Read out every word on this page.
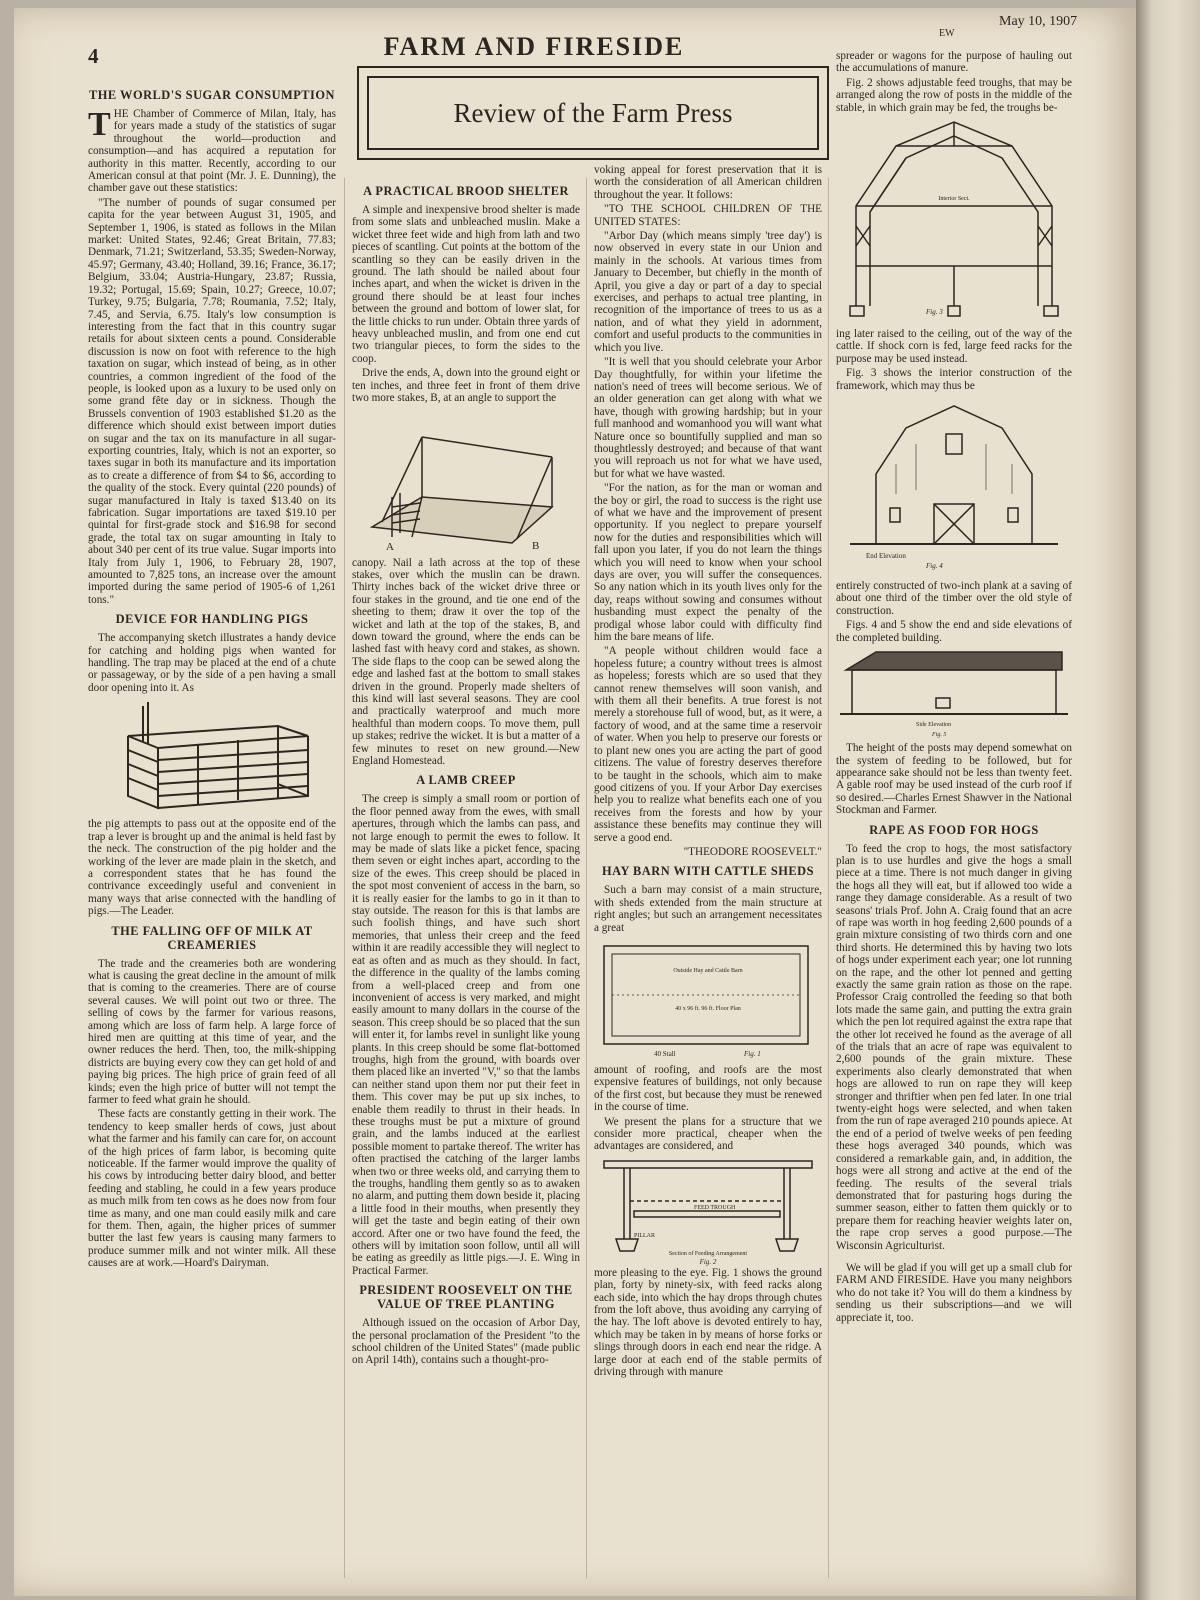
4	FARM AND FIRESIDE	EW
May 10, 1907
Review of the Farm Press
THE WORLD'S SUGAR CONSUMPTION

T HE Chamber of Commerce of Milan, Italy, has for years made a study of the statistics of sugar throughout the world—production and consumption—and has acquired a reputation for authority in this matter. Recently, according to our American consul at that point (Mr. J. E. Dunning), the chamber gave out these statistics:

"The number of pounds of sugar consumed per capita for the year between August 31, 1905, and September 1, 1906, is stated as follows in the Milan market: United States, 92.46; Great Britain, 77.83; Denmark, 71.21; Switzerland, 53.35; Sweden-Norway, 45.97; Germany, 43.40; Holland, 39.16; France, 36.17; Belgium, 33.04; Austria-Hungary, 23.87; Russia, 19.32; Portugal, 15.69; Spain, 10.27; Greece, 10.07; Turkey, 9.75; Bulgaria, 7.78; Roumania, 7.52; Italy, 7.45, and Servia, 6.75. Italy's low consumption is interesting from the fact that in this country sugar retails for about sixteen cents a pound. Considerable discussion is now on foot with reference to the high taxation on sugar, which instead of being, as in other countries, a common ingredient of the food of the people, is looked upon as a luxury to be used only on some grand fête day or in sickness. Though the Brussels convention of 1903 established $1.20 as the difference which should exist between import duties on sugar and the tax on its manufacture in all sugar-exporting countries, Italy, which is not an exporter, so taxes sugar in both its manufacture and its importation as to create a difference of from $4 to $6, according to the quality of the stock. Every quintal (220 pounds) of sugar manufactured in Italy is taxed $13.40 on its fabrication. Sugar importations are taxed $19.10 per quintal for first-grade stock and $16.98 for second grade, the total tax on sugar amounting in Italy to about 340 per cent of its true value. Sugar imports into Italy from July 1, 1906, to February 28, 1907, amounted to 7,825 tons, an increase over the amount imported during the same period of 1905-6 of 1,261 tons."

DEVICE FOR HANDLING PIGS

The accompanying sketch illustrates a handy device for catching and holding pigs when wanted for handling. The trap may be placed at the end of a chute or passageway, or by the side of a pen having a small door opening into it. As

the pig attempts to pass out at the opposite end of the trap a lever is brought up and the animal is held fast by the neck. The construction of the pig holder and the working of the lever are made plain in the sketch, and a correspondent states that he has found the contrivance exceedingly useful and convenient in many ways that arise connected with the handling of pigs.—The Leader.

THE FALLING OFF OF MILK AT CREAMERIES

The trade and the creameries both are wondering what is causing the great decline in the amount of milk that is coming to the creameries. There are of course several causes. We will point out two or three. The selling of cows by the farmer for various reasons, among which are loss of farm help. A large force of hired men are quitting at this time of year, and the owner reduces the herd. Then, too, the milk-shipping districts are buying every cow they can get hold of and paying big prices. The high price of grain feed of all kinds; even the high price of butter will not tempt the farmer to feed what grain he should.

These facts are constantly getting in their work. The tendency to keep smaller herds of cows, just about what the farmer and his family can care for, on account of the high prices of farm labor, is becoming quite noticeable. If the farmer would improve the quality of his cows by introducing better dairy blood, and better feeding and stabling, he could in a few years produce as much milk from ten cows as he does now from four time as many, and one man could easily milk and care for them. Then, again, the higher prices of summer butter the last few years is causing many farmers to produce summer milk and not winter milk. All these causes are at work.—Hoard's Dairyman.

A PRACTICAL BROOD SHELTER

A simple and inexpensive brood shelter is made from some slats and unbleached muslin. Make a wicket three feet wide and high from lath and two pieces of scantling. Cut points at the bottom of the scantling so they can be easily driven in the ground. The lath should be nailed about four inches apart, and when the wicket is driven in the ground there should be at least four inches between the ground and bottom of lower slat, for the little chicks to run under. Obtain three yards of heavy unbleached muslin, and from one end cut two triangular pieces, to form the sides to the coop.

Drive the ends, A, down into the ground eight or ten inches, and three feet in front of them drive two more stakes, B, at an angle to support the

A	B

canopy. Nail a lath across at the top of these stakes, over which the muslin can be drawn. Thirty inches back of the wicket drive three or four stakes in the ground, and tie one end of the sheeting to them; draw it over the top of the wicket and lath at the top of the stakes, B, and down toward the ground, where the ends can be lashed fast with heavy cord and stakes, as shown. The side flaps to the coop can be sewed along the edge and lashed fast at the bottom to small stakes driven in the ground. Properly made shelters of this kind will last several seasons. They are cool and practically waterproof and much more healthful than modern coops. To move them, pull up stakes; redrive the wicket. It is but a matter of a few minutes to reset on new ground.—New England Homestead.

A LAMB CREEP

The creep is simply a small room or portion of the floor penned away from the ewes, with small apertures, through which the lambs can pass, and not large enough to permit the ewes to follow. It may be made of slats like a picket fence, spacing them seven or eight inches apart, according to the size of the ewes. This creep should be placed in the spot most convenient of access in the barn, so it is really easier for the lambs to go in it than to stay outside. The reason for this is that lambs are such foolish things, and have such short memories, that unless their creep and the feed within it are readily accessible they will neglect to eat as often and as much as they should. In fact, the difference in the quality of the lambs coming from a well-placed creep and from one inconvenient of access is very marked, and might easily amount to many dollars in the course of the season. This creep should be so placed that the sun will enter it, for lambs revel in sunlight like young plants. In this creep should be some flat-bottomed troughs, high from the ground, with boards over them placed like an inverted "V," so that the lambs can neither stand upon them nor put their feet in them. This cover may be put up six inches, to enable them readily to thrust in their heads. In these troughs must be put a mixture of ground grain, and the lambs induced at the earliest possible moment to partake thereof. The writer has often practised the catching of the larger lambs when two or three weeks old, and carrying them to the troughs, handling them gently so as to awaken no alarm, and putting them down beside it, placing a little food in their mouths, when presently they will get the taste and begin eating of their own accord. After one or two have found the feed, the others will by imitation soon follow, until all will be eating as greedily as little pigs.—J. E. Wing in Practical Farmer.

PRESIDENT ROOSEVELT ON THE VALUE OF TREE PLANTING

Although issued on the occasion of Arbor Day, the personal proclamation of the President "to the school children of the United States" (made public on April 14th), contains such a thought-pro-

voking appeal for forest preservation that it is worth the consideration of all American children throughout the year. It follows:

"TO THE SCHOOL CHILDREN OF THE UNITED STATES:

"Arbor Day (which means simply 'tree day') is now observed in every state in our Union and mainly in the schools. At various times from January to December, but chiefly in the month of April, you give a day or part of a day to special exercises, and perhaps to actual tree planting, in recognition of the importance of trees to us as a nation, and of what they yield in adornment, comfort and useful products to the communities in which you live.

"It is well that you should celebrate your Arbor Day thoughtfully, for within your lifetime the nation's need of trees will become serious. We of an older generation can get along with what we have, though with growing hardship; but in your full manhood and womanhood you will want what Nature once so bountifully supplied and man so thoughtlessly destroyed; and because of that want you will reproach us not for what we have used, but for what we have wasted.

"For the nation, as for the man or woman and the boy or girl, the road to success is the right use of what we have and the improvement of present opportunity. If you neglect to prepare yourself now for the duties and responsibilities which will fall upon you later, if you do not learn the things which you will need to know when your school days are over, you will suffer the consequences. So any nation which in its youth lives only for the day, reaps without sowing and consumes without husbanding must expect the penalty of the prodigal whose labor could with difficulty find him the bare means of life.

"A people without children would face a hopeless future; a country without trees is almost as hopeless; forests which are so used that they cannot renew themselves will soon vanish, and with them all their benefits. A true forest is not merely a storehouse full of wood, but, as it were, a factory of wood, and at the same time a reservoir of water. When you help to preserve our forests or to plant new ones you are acting the part of good citizens. The value of forestry deserves therefore to be taught in the schools, which aim to make good citizens of you. If your Arbor Day exercises help you to realize what benefits each one of you receives from the forests and how by your assistance these benefits may continue they will serve a good end.

"THEODORE ROOSEVELT."

HAY BARN WITH CATTLE SHEDS

Such a barn may consist of a main structure, with sheds extended from the main structure at right angles; but such an arrangement necessitates a great

Outside Hay and Cattle Barn
40 x 96 ft. 96 ft. Floor Plan
40 Stall	Fig. 1

amount of roofing, and roofs are the most expensive features of buildings, not only because of the first cost, but because they must be renewed in the course of time.

We present the plans for a structure that we consider more practical, cheaper when the advantages are considered, and

FEED TROUGH
PILLAR
Section of Feeding Arrangement
Fig. 2

more pleasing to the eye. Fig. 1 shows the ground plan, forty by ninety-six, with feed racks along each side, into which the hay drops through chutes from the loft above, thus avoiding any carrying of the hay. The loft above is devoted entirely to hay, which may be taken in by means of horse forks or slings through doors in each end near the ridge. A large door at each end of the stable permits of driving through with manure

spreader or wagons for the purpose of hauling out the accumulations of manure.

Fig. 2 shows adjustable feed troughs, that may be arranged along the row of posts in the middle of the stable, in which grain may be fed, the troughs be-

Interior Sect.
Fig. 3

ing later raised to the ceiling, out of the way of the cattle. If shock corn is fed, large feed racks for the purpose may be used instead.

Fig. 3 shows the interior construction of the framework, which may thus be

End Elevation
Fig. 4

entirely constructed of two-inch plank at a saving of about one third of the timber over the old style of construction.

Figs. 4 and 5 show the end and side elevations of the completed building.

Side Elevation
Fig. 5

The height of the posts may depend somewhat on the system of feeding to be followed, but for appearance sake should not be less than twenty feet. A gable roof may be used instead of the curb roof if so desired.—Charles Ernest Shawver in the National Stockman and Farmer.

RAPE AS FOOD FOR HOGS

To feed the crop to hogs, the most satisfactory plan is to use hurdles and give the hogs a small piece at a time. There is not much danger in giving the hogs all they will eat, but if allowed too wide a range they damage considerable. As a result of two seasons' trials Prof. John A. Craig found that an acre of rape was worth in hog feeding 2,600 pounds of a grain mixture consisting of two thirds corn and one third shorts. He determined this by having two lots of hogs under experiment each year; one lot running on the rape, and the other lot penned and getting exactly the same grain ration as those on the rape. Professor Craig controlled the feeding so that both lots made the same gain, and putting the extra grain which the pen lot required against the extra rape that the other lot received he found as the average of all of the trials that an acre of rape was equivalent to 2,600 pounds of the grain mixture. These experiments also clearly demonstrated that when hogs are allowed to run on rape they will keep stronger and thriftier when pen fed later. In one trial twenty-eight hogs were selected, and when taken from the run of rape averaged 210 pounds apiece. At the end of a period of twelve weeks of pen feeding these hogs averaged 340 pounds, which was considered a remarkable gain, and, in addition, the hogs were all strong and active at the end of the feeding. The results of the several trials demonstrated that for pasturing hogs during the summer season, either to fatten them quickly or to prepare them for reaching heavier weights later on, the rape crop serves a good purpose.—The Wisconsin Agriculturist.

We will be glad if you will get up a small club for FARM AND FIRESIDE. Have you many neighbors who do not take it? You will do them a kindness by sending us their subscriptions—and we will appreciate it, too.
